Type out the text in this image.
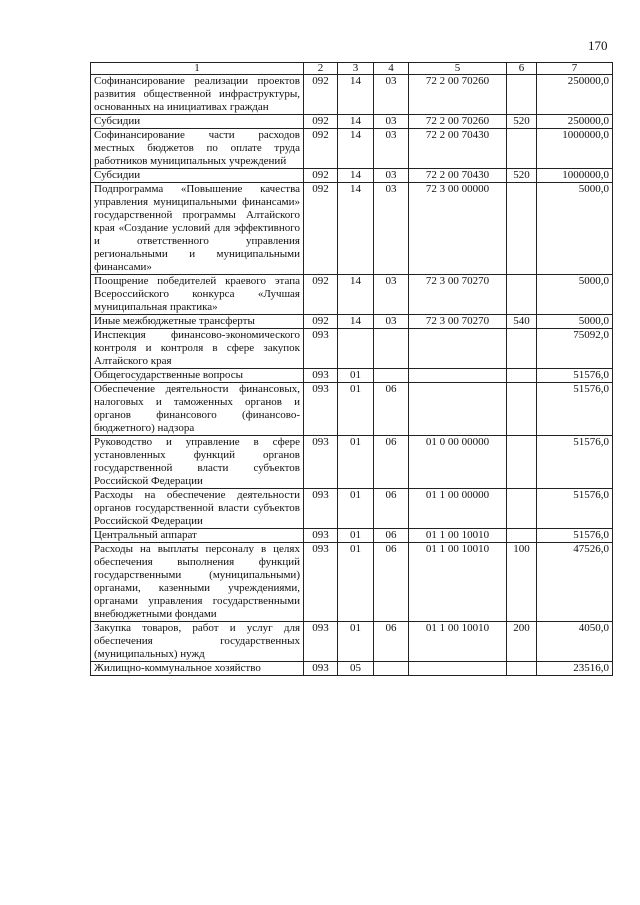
170
1	2	3	4	5	6	7
Софинансирование реализации проектов развития общественной инфраструктуры, основанных на инициативах граждан	092	14	03	72 2 00 70260		250000,0
Субсидии	092	14	03	72 2 00 70260	520	250000,0
Софинансирование части расходов местных бюджетов по оплате труда работников муниципальных учреждений	092	14	03	72 2 00 70430		1000000,0
Субсидии	092	14	03	72 2 00 70430	520	1000000,0
Подпрограмма «Повышение качества управления муниципальными финансами» государственной программы Алтайского края «Создание условий для эффективного и ответственного управления региональными и муниципальными финансами»	092	14	03	72 3 00 00000		5000,0
Поощрение победителей краевого этапа Всероссийского конкурса «Лучшая муниципальная практика»	092	14	03	72 3 00 70270		5000,0
Иные межбюджетные трансферты	092	14	03	72 3 00 70270	540	5000,0
Инспекция финансово-экономического контроля и контроля в сфере закупок Алтайского края	093					75092,0
Общегосударственные вопросы	093	01				51576,0
Обеспечение деятельности финансовых, налоговых и таможенных органов и органов финансового (финансово-бюджетного) надзора	093	01	06			51576,0
Руководство и управление в сфере установленных функций органов государственной власти субъектов Российской Федерации	093	01	06	01 0 00 00000		51576,0
Расходы на обеспечение деятельности органов государственной власти субъектов Российской Федерации	093	01	06	01 1 00 00000		51576,0
Центральный аппарат	093	01	06	01 1 00 10010		51576,0
Расходы на выплаты персоналу в целях обеспечения выполнения функций государственными (муниципальными) органами, казенными учреждениями, органами управления государственными внебюджетными фондами	093	01	06	01 1 00 10010	100	47526,0
Закупка товаров, работ и услуг для обеспечения государственных (муниципальных) нужд	093	01	06	01 1 00 10010	200	4050,0
Жилищно-коммунальное хозяйство	093	05				23516,0
